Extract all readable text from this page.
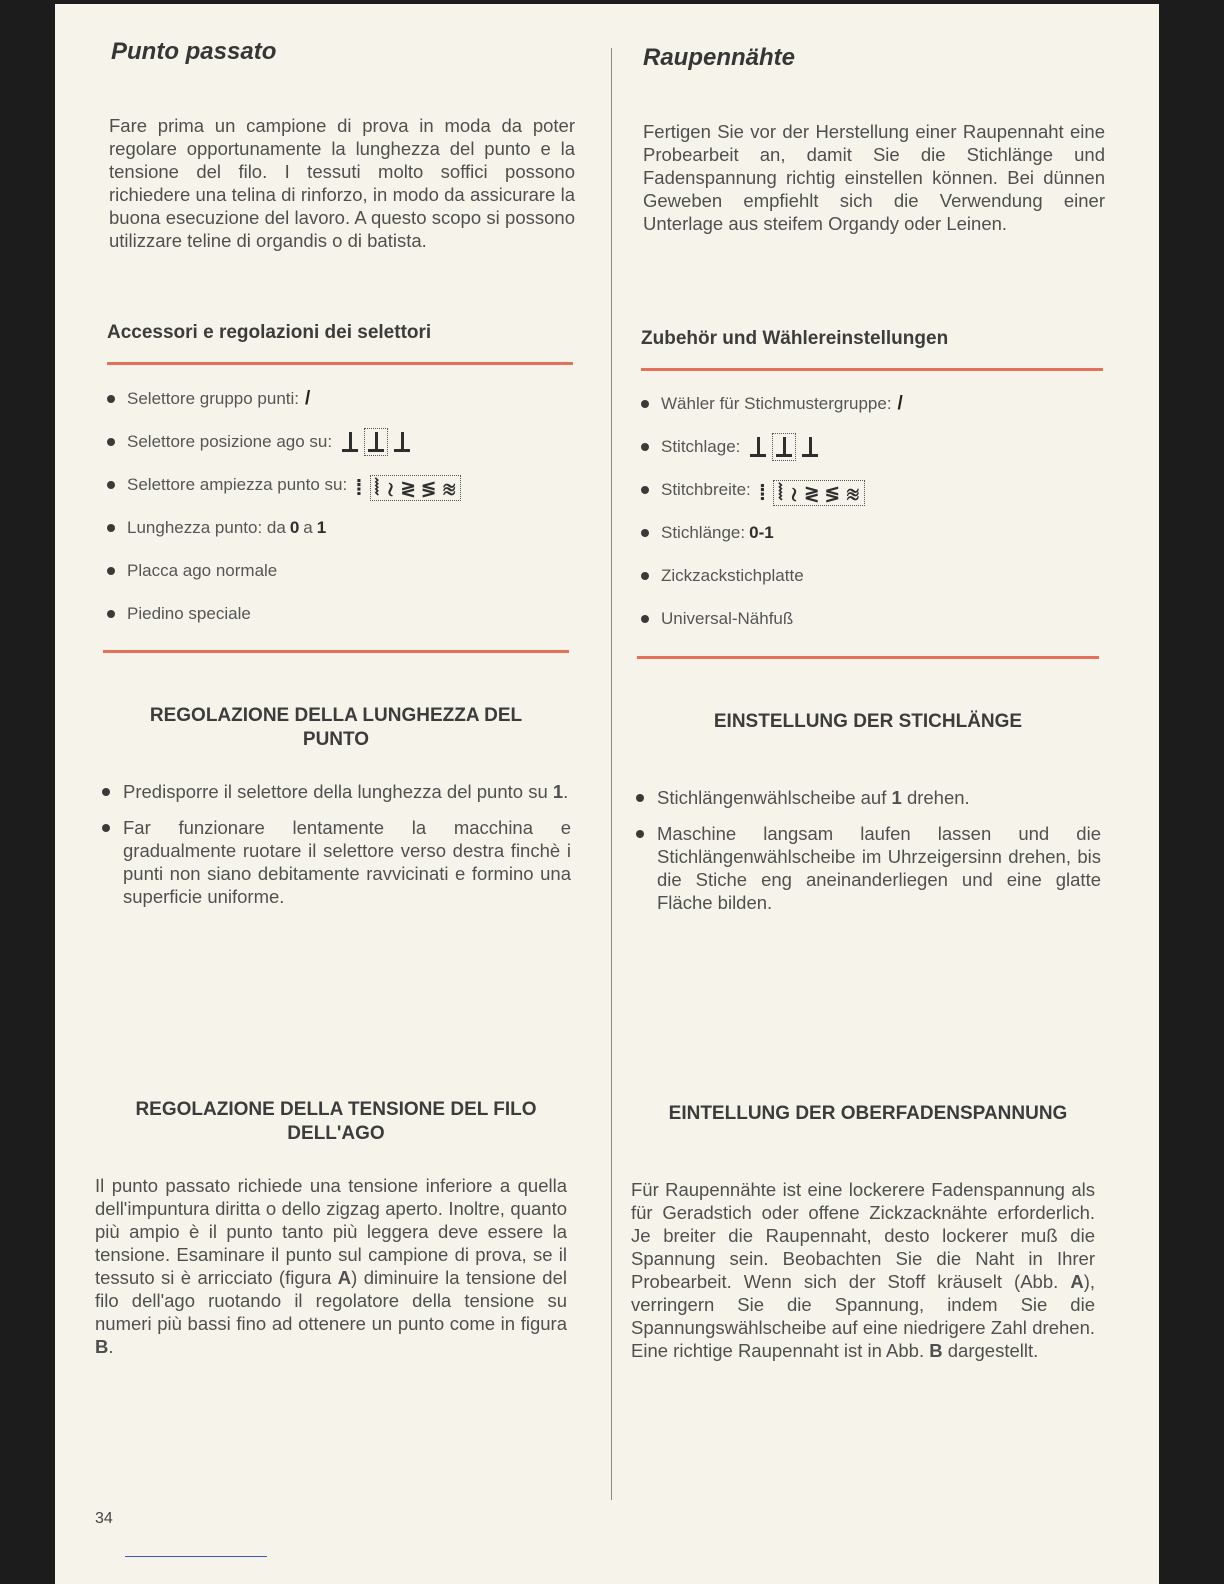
Punto passato

Fare prima un campione di prova in moda da poter regolare opportunamente la lunghezza del punto e la tensione del filo. I tessuti molto soffici possono richiedere una telina di rinforzo, in modo da assicurare la buona esecuzione del lavoro. A questo scopo si possono utilizzare teline di organdis o di batista.

Accessori e regolazioni dei selettori
Selettore gruppo punti: /
Selettore posizione ago su:
Selettore ampiezza punto su: ⁞ ⦚ ≀ ≷ ≶ ≋
Lunghezza punto: da 0 a 1
Placca ago normale
Piedino speciale
REGOLAZIONE DELLA LUNGHEZZA DEL PUNTO
Predisporre il selettore della lunghezza del punto su 1.
Far funzionare lentamente la macchina e gradualmente ruotare il selettore verso destra finchè i punti non siano debitamente ravvicinati e formino una superficie uniforme.
REGOLAZIONE DELLA TENSIONE DEL FILO DELL'AGO

Il punto passato richiede una tensione inferiore a quella dell'impuntura diritta o dello zigzag aperto. Inoltre, quanto più ampio è il punto tanto più leggera deve essere la tensione. Esaminare il punto sul campione di prova, se il tessuto si è arricciato (figura A) diminuire la tensione del filo dell'ago ruotando il regolatore della tensione su numeri più bassi fino ad ottenere un punto come in figura B.

Raupennähte

Fertigen Sie vor der Herstellung einer Raupennaht eine Probearbeit an, damit Sie die Stichlänge und Fadenspannung richtig einstellen können. Bei dünnen Geweben empfiehlt sich die Verwendung einer Unterlage aus steifem Organdy oder Leinen.

Zubehör und Wählereinstellungen
Wähler für Stichmustergruppe: /
Stitchlage:
Stitchbreite: ⁞ ⦚ ≀ ≷ ≶ ≋
Stichlänge: 0-1
Zickzackstichplatte
Universal-Nähfuß
EINSTELLUNG DER STICHLÄNGE
Stichlängenwählscheibe auf 1 drehen.
Maschine langsam laufen lassen und die Stichlängenwählscheibe im Uhrzeigersinn drehen, bis die Stiche eng aneinanderliegen und eine glatte Fläche bilden.
EINTELLUNG DER OBERFADENSPANNUNG

Für Raupennähte ist eine lockerere Fadenspannung als für Geradstich oder offene Zickzacknähte erforderlich. Je breiter die Raupennaht, desto lockerer muß die Spannung sein. Beobachten Sie die Naht in Ihrer Probearbeit. Wenn sich der Stoff kräuselt (Abb. A), verringern Sie die Spannung, indem Sie die Spannungswählscheibe auf eine niedrigere Zahl drehen. Eine richtige Raupennaht ist in Abb. B dargestellt.

34
